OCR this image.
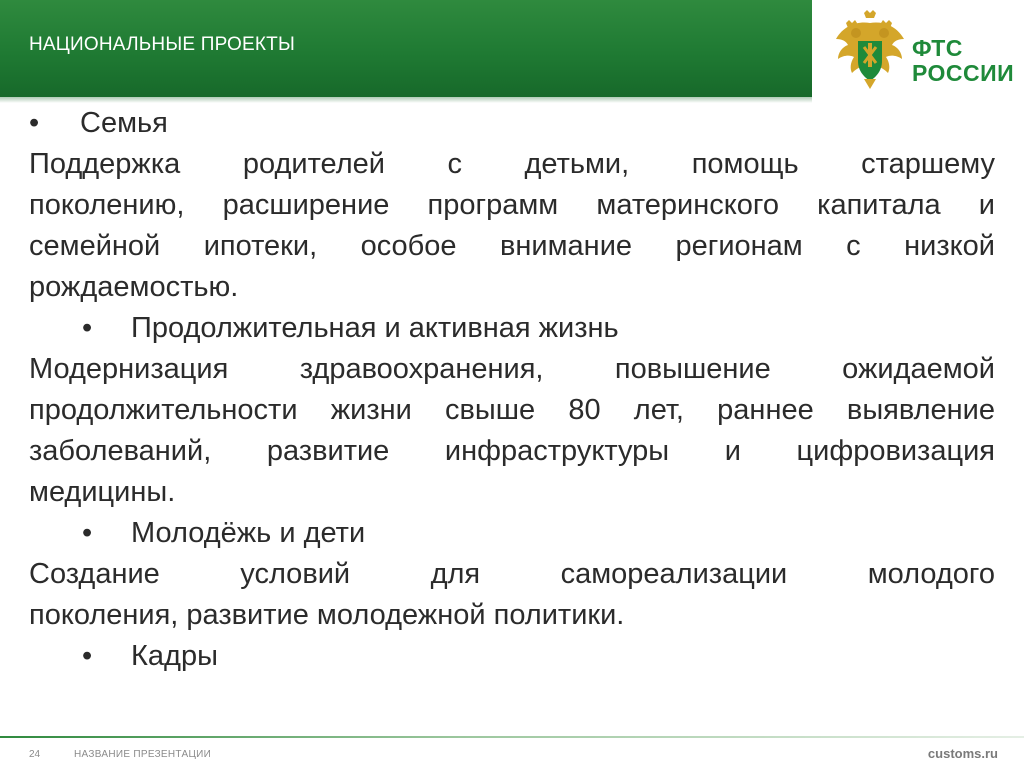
НАЦИОНАЛЬНЫЕ ПРОЕКТЫ	ФТС
РОССИИ
• Семья
Поддержка родителей с детьми, помощь старшему
поколению, расширение программ материнского капитала и
семейной ипотеки, особое внимание регионам с низкой
рождаемостью.
• Продолжительная и активная жизнь
Модернизация здравоохранения, повышение ожидаемой
продолжительности жизни свыше 80 лет, раннее выявление
заболеваний, развитие инфраструктуры и цифровизация
медицины.
• Молодёжь и дети
Создание условий для самореализации молодого
поколения, развитие молодежной политики.
• Кадры
24	НАЗВАНИЕ ПРЕЗЕНТАЦИИ	customs.ru
